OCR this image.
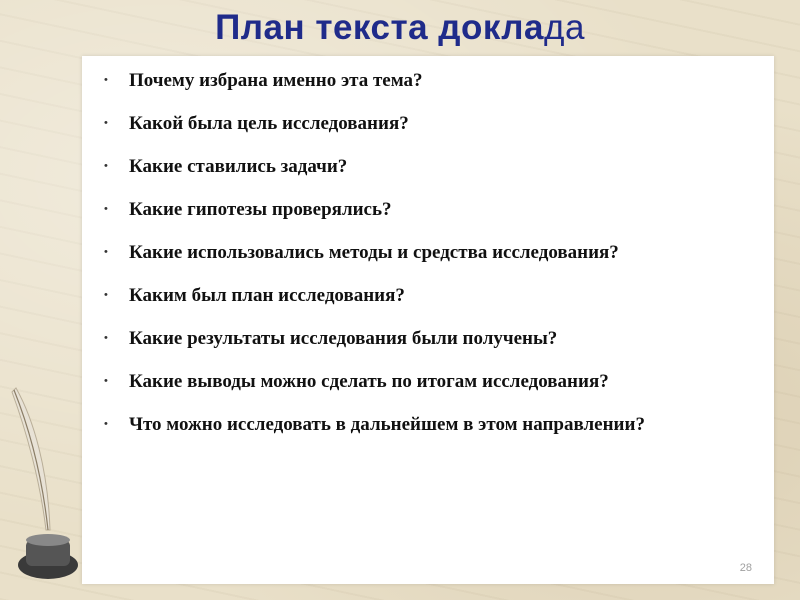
План текста доклада
• Почему избрана именно эта тема?
• Какой была цель исследования?
• Какие ставились задачи?
• Какие гипотезы проверялись?
• Какие использовались методы и средства исследования?
• Каким был план исследования?
• Какие результаты исследования были получены?
• Какие выводы можно сделать по итогам исследования?
• Что можно исследовать в дальнейшем в этом направлении?
28
